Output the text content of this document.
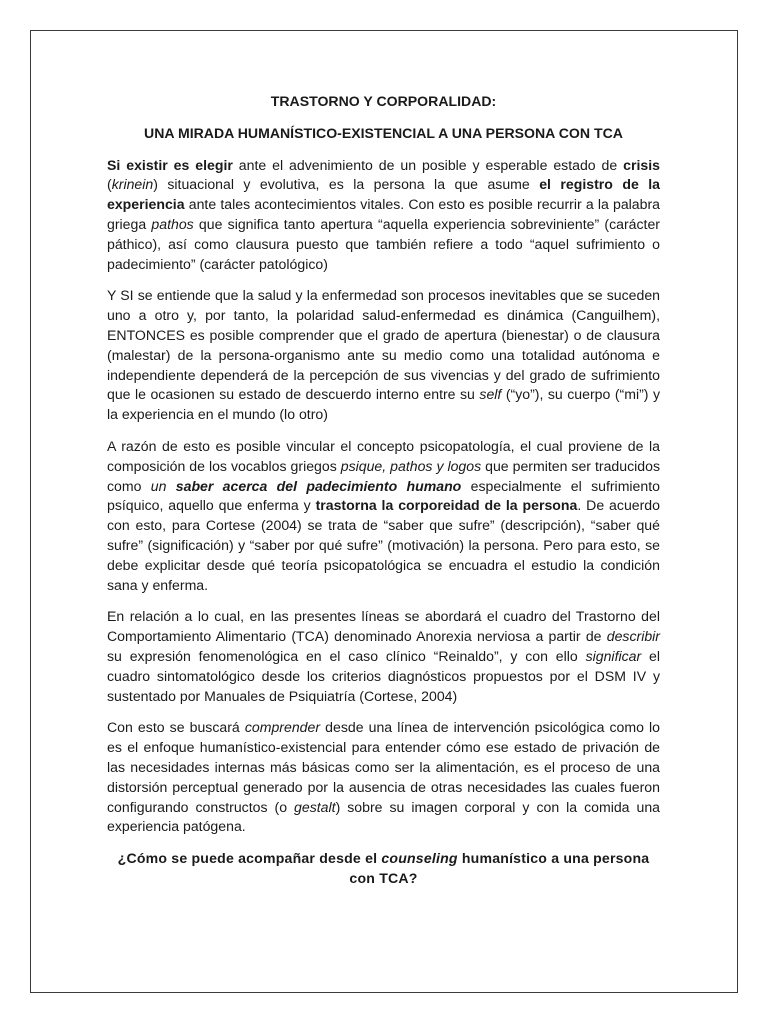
TRASTORNO Y CORPORALIDAD:
UNA MIRADA HUMANÍSTICO-EXISTENCIAL A UNA PERSONA CON TCA

Si existir es elegir ante el advenimiento de un posible y esperable estado de crisis (krinein) situacional y evolutiva, es la persona la que asume el registro de la experiencia ante tales acontecimientos vitales. Con esto es posible recurrir a la palabra griega pathos que significa tanto apertura “aquella experiencia sobreviniente” (carácter páthico), así como clausura puesto que también refiere a todo “aquel sufrimiento o padecimiento” (carácter patológico)

Y SI se entiende que la salud y la enfermedad son procesos inevitables que se suceden uno a otro y, por tanto, la polaridad salud-enfermedad es dinámica (Canguilhem), ENTONCES es posible comprender que el grado de apertura (bienestar) o de clausura (malestar) de la persona-organismo ante su medio como una totalidad autónoma e independiente dependerá de la percepción de sus vivencias y del grado de sufrimiento que le ocasionen su estado de descuerdo interno entre su self (“yo”), su cuerpo (“mi”) y la experiencia en el mundo (lo otro)

A razón de esto es posible vincular el concepto psicopatología, el cual proviene de la composición de los vocablos griegos psique, pathos y logos que permiten ser traducidos como un saber acerca del padecimiento humano especialmente el sufrimiento psíquico, aquello que enferma y trastorna la corporeidad de la persona. De acuerdo con esto, para Cortese (2004) se trata de “saber que sufre” (descripción), “saber qué sufre” (significación) y “saber por qué sufre” (motivación) la persona. Pero para esto, se debe explicitar desde qué teoría psicopatológica se encuadra el estudio la condición sana y enferma.

En relación a lo cual, en las presentes líneas se abordará el cuadro del Trastorno del Comportamiento Alimentario (TCA) denominado Anorexia nerviosa a partir de describir su expresión fenomenológica en el caso clínico “Reinaldo”, y con ello significar el cuadro sintomatológico desde los criterios diagnósticos propuestos por el DSM IV y sustentado por Manuales de Psiquiatría (Cortese, 2004)

Con esto se buscará comprender desde una línea de intervención psicológica como lo es el enfoque humanístico-existencial para entender cómo ese estado de privación de las necesidades internas más básicas como ser la alimentación, es el proceso de una distorsión perceptual generado por la ausencia de otras necesidades las cuales fueron configurando constructos (o gestalt) sobre su imagen corporal y con la comida una experiencia patógena.

¿Cómo se puede acompañar desde el counseling humanístico a una persona con TCA?
